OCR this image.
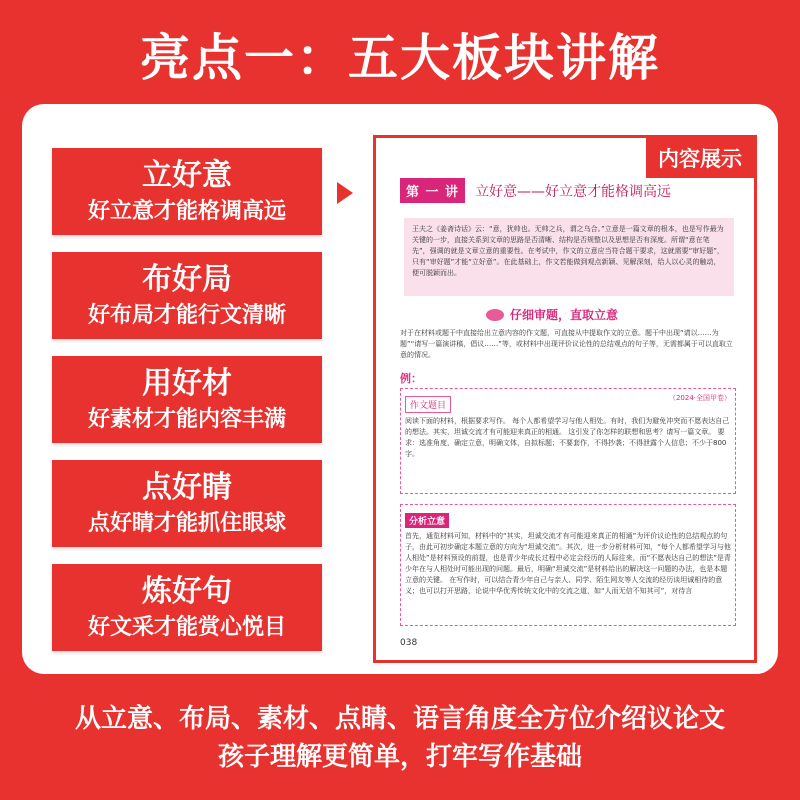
亮点一：五大板块讲解
立好意
好立意才能格调高远
布好局
好布局才能行文清晰
用好材
好素材才能内容丰满
点好睛
点好睛才能抓住眼球
炼好句
好文采才能赏心悦目
内容展示
第 一 讲	立好意——好立意才能格调高远
王夫之《姜斋诗话》云：“意，犹帅也。无帅之兵，谓之乌合。”立意是一篇文章的根本，也是写作最为关键的一步，直接关系到文章的思路是否清晰、结构是否规整以及思想是否有深度。所谓“意在笔先”，强调的就是文章立意的重要性。在考试中，作文的立意应当符合题干要求，这就需要“审好题”，只有“审好题”才能“立好意”。在此基础上，作文若能做到观点新颖、见解深刻，给人以心灵的触动，便可脱颖而出。
仔细审题，直取立意
对于在材料或题干中直接给出立意内容的作文题，可直接从中提取作文的立意。题干中出现“请以……为题”“请写一篇演讲稿，倡议……”等，或材料中出现评价议论性的总结观点的句子等，无需都属于可以直取立意的情况。
例：
作文题目
（2024·全国甲卷）
阅读下面的材料，根据要求写作。 每个人都希望学习与他人相处。有时，我们为避免冲突而不愿表达自己的想法。其实，坦诚交流才有可能迎来真正的相通。 这引发了你怎样的联想和思考？请写一篇文章。 要求：选准角度，确定立意，明确文体，自拟标题；不要套作，不得抄袭；不得泄露个人信息；不少于800字。
分析立意
首先，通览材料可知，材料中的“其实，坦诚交流才有可能迎来真正的相通”为评价议论性的总结观点的句子，由此可初步确定本题立意的方向为“坦诚交流”。其次，进一步分析材料可知，“每个人都希望学习与他人相处”是材料预设的前提，也是青少年成长过程中必定会经历的人际往来，而“不愿表达自己的想法”是青少年在与人相处时可能出现的问题。最后，明确“坦诚交流”是材料给出的解决这一问题的办法，也是本题立意的关键。 在写作时，可以结合青少年自己与亲人、同学、陌生网友等人交流的经历谈坦诚相待的意义；也可以打开思路，论说中华优秀传统文化中的交流之道，如“人而无信不知其可”，对待言
038
从立意、布局、素材、点睛、语言角度全方位介绍议论文
孩子理解更简单，打牢写作基础
